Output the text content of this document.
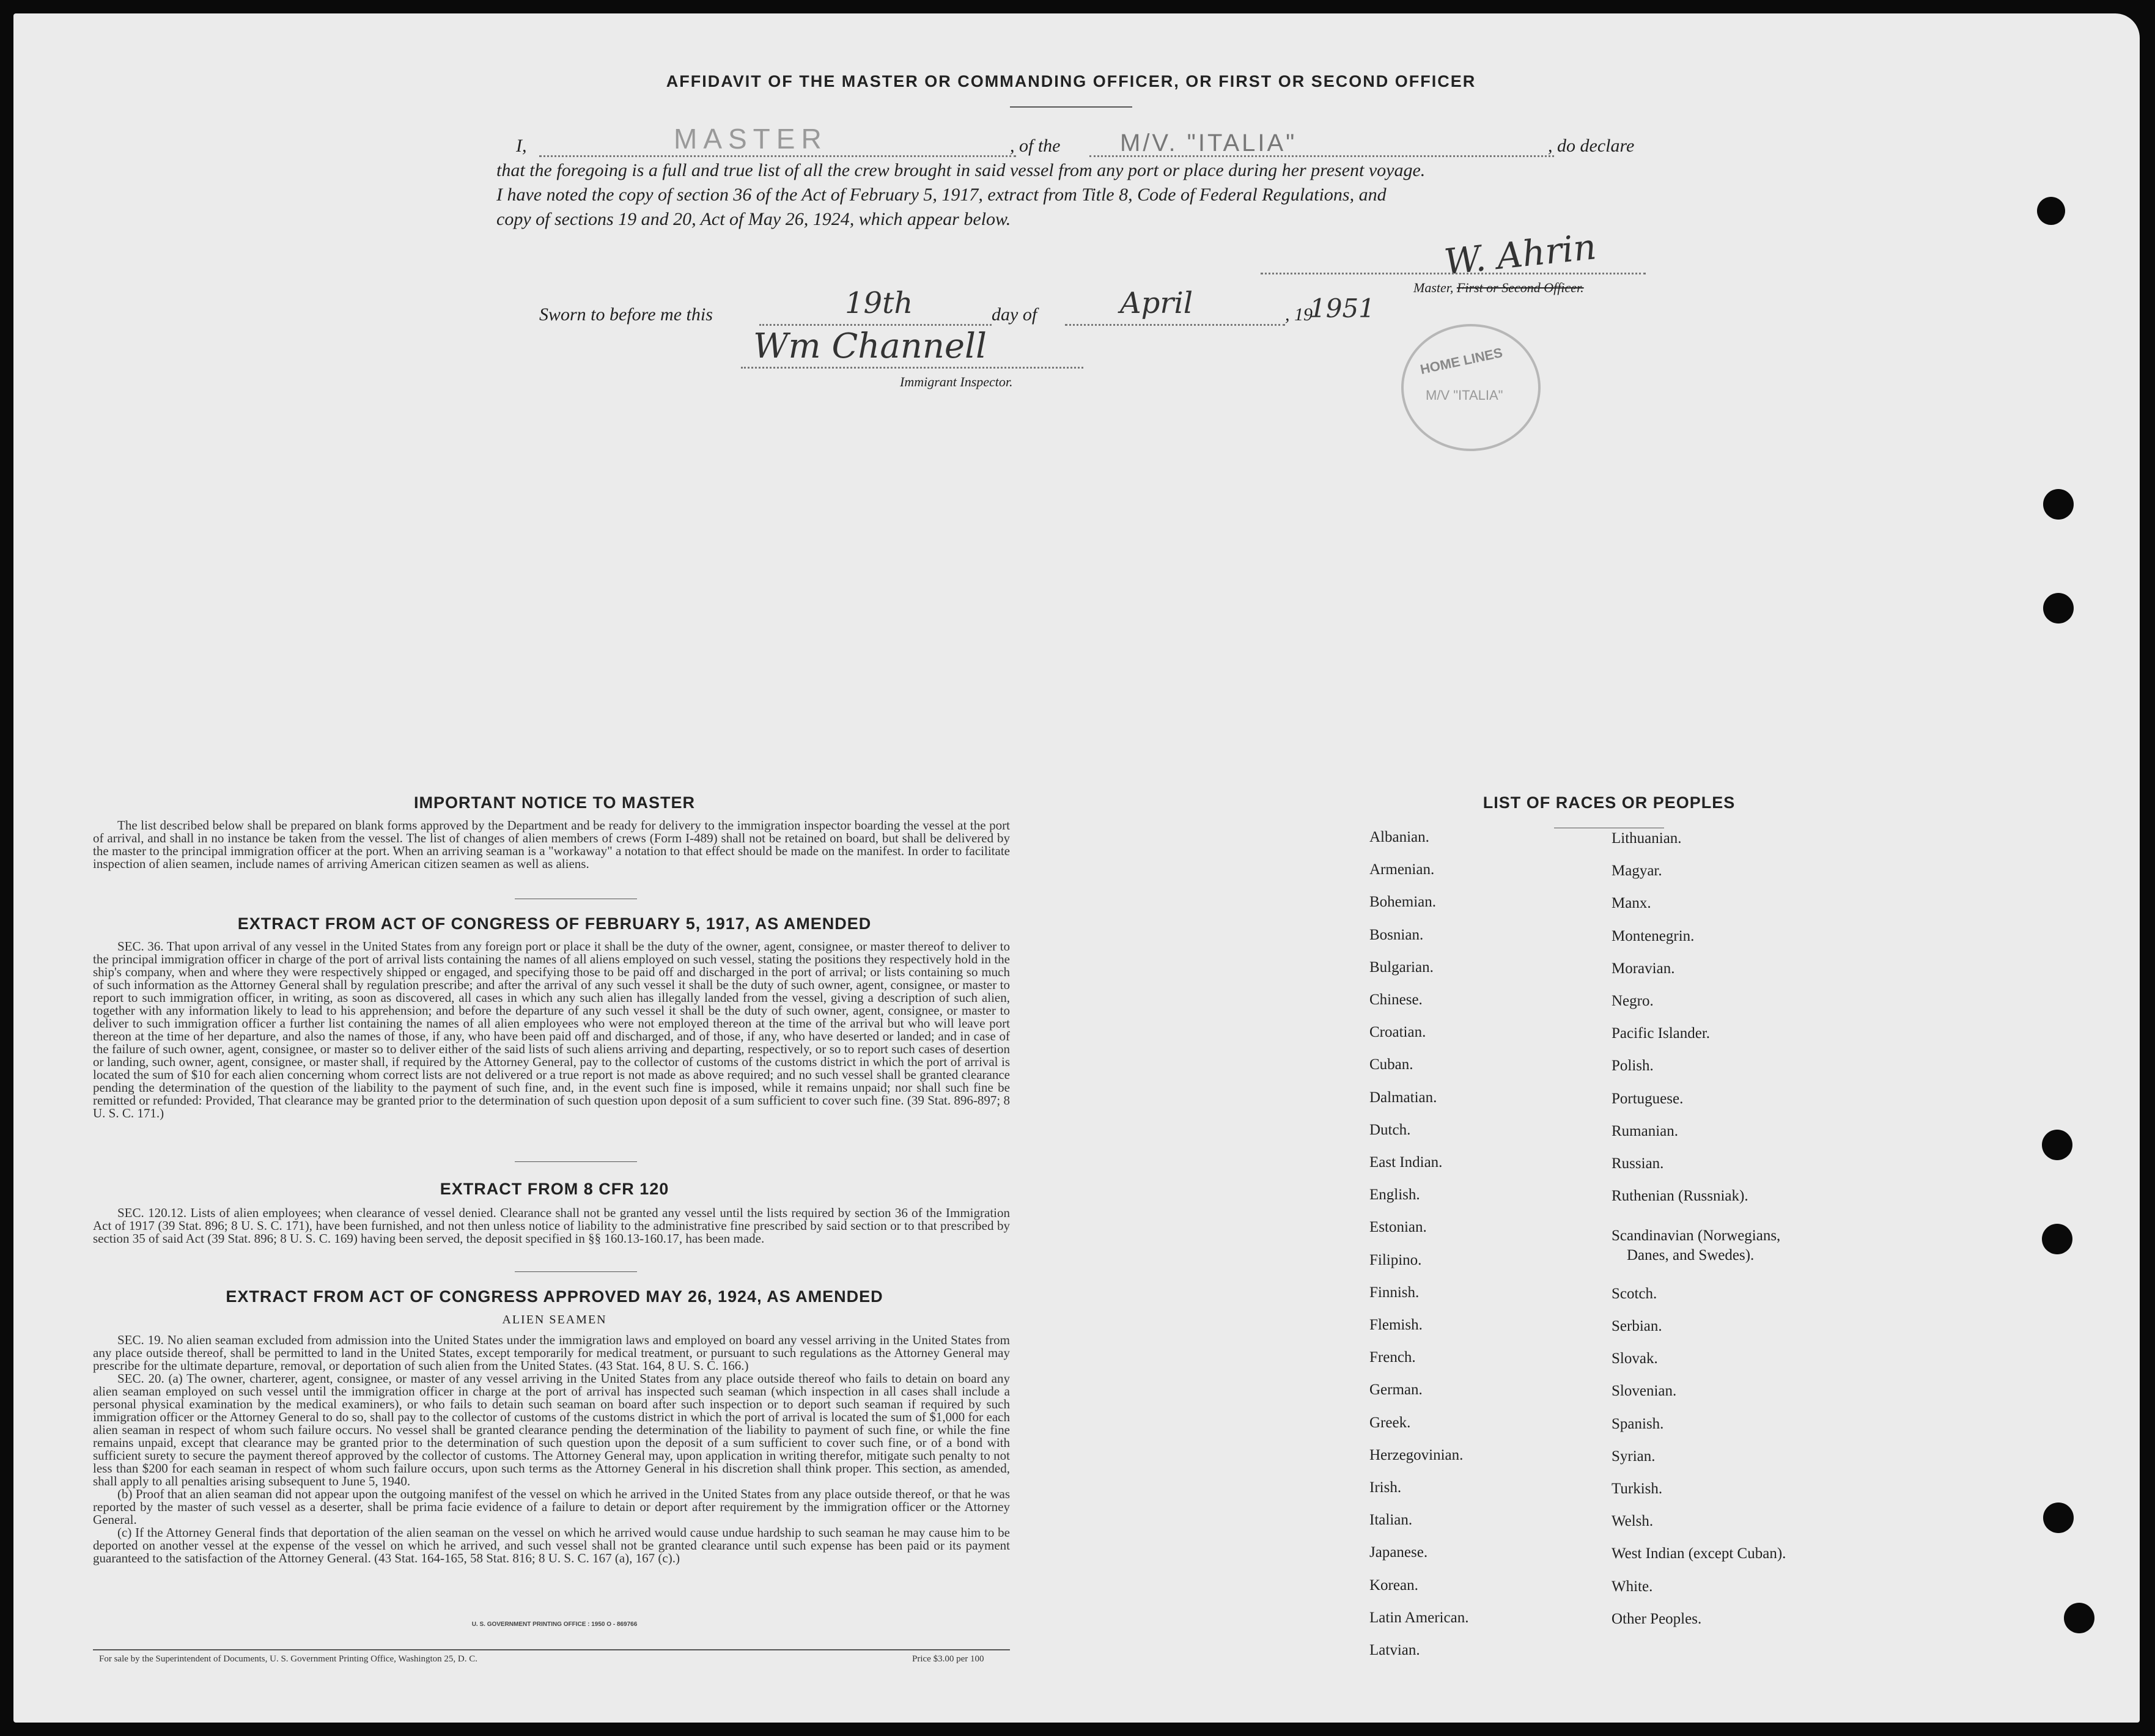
AFFIDAVIT OF THE MASTER OR COMMANDING OFFICER, OR FIRST OR SECOND OFFICER
I,	MASTER	, of the M/V. "ITALIA"	, do declare
that the foregoing is a full and true list of all the crew brought in said vessel from any port or place during her present voyage.
I have noted the copy of section 36 of the Act of February 5, 1917, extract from Title 8, Code of Federal Regulations, and
copy of sections 19 and 20, Act of May 26, 1924, which appear below.
W. Ahrin
Master, First or Second Officer.
Sworn to before me this	19th	day of	April	, 19
1951
Wm Channell
Immigrant Inspector.
HOME LINES
M/V "ITALIA"
IMPORTANT NOTICE TO MASTER

The list described below shall be prepared on blank forms approved by the Department and be ready for delivery to the immigration inspector boarding the vessel at the port of arrival, and shall in no instance be taken from the vessel. The list of changes of alien members of crews (Form I-489) shall not be retained on board, but shall be delivered by the master to the principal immigration officer at the port. When an arriving seaman is a "workaway" a notation to that effect should be made on the manifest. In order to facilitate inspection of alien seamen, include names of arriving American citizen seamen as well as aliens.

EXTRACT FROM ACT OF CONGRESS OF FEBRUARY 5, 1917, AS AMENDED

SEC. 36. That upon arrival of any vessel in the United States from any foreign port or place it shall be the duty of the owner, agent, consignee, or master thereof to deliver to the principal immigration officer in charge of the port of arrival lists containing the names of all aliens employed on such vessel, stating the positions they respectively hold in the ship's company, when and where they were respectively shipped or engaged, and specifying those to be paid off and discharged in the port of arrival; or lists containing so much of such information as the Attorney General shall by regulation prescribe; and after the arrival of any such vessel it shall be the duty of such owner, agent, consignee, or master to report to such immigration officer, in writing, as soon as discovered, all cases in which any such alien has illegally landed from the vessel, giving a description of such alien, together with any information likely to lead to his apprehension; and before the departure of any such vessel it shall be the duty of such owner, agent, consignee, or master to deliver to such immigration officer a further list containing the names of all alien employees who were not employed thereon at the time of the arrival but who will leave port thereon at the time of her departure, and also the names of those, if any, who have been paid off and discharged, and of those, if any, who have deserted or landed; and in case of the failure of such owner, agent, consignee, or master so to deliver either of the said lists of such aliens arriving and departing, respectively, or so to report such cases of desertion or landing, such owner, agent, consignee, or master shall, if required by the Attorney General, pay to the collector of customs of the customs district in which the port of arrival is located the sum of $10 for each alien concerning whom correct lists are not delivered or a true report is not made as above required; and no such vessel shall be granted clearance pending the determination of the question of the liability to the payment of such fine, and, in the event such fine is imposed, while it remains unpaid; nor shall such fine be remitted or refunded: Provided, That clearance may be granted prior to the determination of such question upon deposit of a sum sufficient to cover such fine. (39 Stat. 896-897; 8 U. S. C. 171.)

EXTRACT FROM 8 CFR 120

SEC. 120.12. Lists of alien employees; when clearance of vessel denied. Clearance shall not be granted any vessel until the lists required by section 36 of the Immigration Act of 1917 (39 Stat. 896; 8 U. S. C. 171), have been furnished, and not then unless notice of liability to the administrative fine prescribed by said section or to that prescribed by section 35 of said Act (39 Stat. 896; 8 U. S. C. 169) having been served, the deposit specified in §§ 160.13-160.17, has been made.

EXTRACT FROM ACT OF CONGRESS APPROVED MAY 26, 1924, AS AMENDED
ALIEN SEAMEN

SEC. 19. No alien seaman excluded from admission into the United States under the immigration laws and employed on board any vessel arriving in the United States from any place outside thereof, shall be permitted to land in the United States, except temporarily for medical treatment, or pursuant to such regulations as the Attorney General may prescribe for the ultimate departure, removal, or deportation of such alien from the United States. (43 Stat. 164, 8 U. S. C. 166.)

SEC. 20. (a) The owner, charterer, agent, consignee, or master of any vessel arriving in the United States from any place outside thereof who fails to detain on board any alien seaman employed on such vessel until the immigration officer in charge at the port of arrival has inspected such seaman (which inspection in all cases shall include a personal physical examination by the medical examiners), or who fails to detain such seaman on board after such inspection or to deport such seaman if required by such immigration officer or the Attorney General to do so, shall pay to the collector of customs of the customs district in which the port of arrival is located the sum of $1,000 for each alien seaman in respect of whom such failure occurs. No vessel shall be granted clearance pending the determination of the liability to payment of such fine, or while the fine remains unpaid, except that clearance may be granted prior to the determination of such question upon the deposit of a sum sufficient to cover such fine, or of a bond with sufficient surety to secure the payment thereof approved by the collector of customs. The Attorney General may, upon application in writing therefor, mitigate such penalty to not less than $200 for each seaman in respect of whom such failure occurs, upon such terms as the Attorney General in his discretion shall think proper. This section, as amended, shall apply to all penalties arising subsequent to June 5, 1940.

(b) Proof that an alien seaman did not appear upon the outgoing manifest of the vessel on which he arrived in the United States from any place outside thereof, or that he was reported by the master of such vessel as a deserter, shall be prima facie evidence of a failure to detain or deport after requirement by the immigration officer or the Attorney General.

(c) If the Attorney General finds that deportation of the alien seaman on the vessel on which he arrived would cause undue hardship to such seaman he may cause him to be deported on another vessel at the expense of the vessel on which he arrived, and such vessel shall not be granted clearance until such expense has been paid or its payment guaranteed to the satisfaction of the Attorney General. (43 Stat. 164-165, 58 Stat. 816; 8 U. S. C. 167 (a), 167 (c).)

U. S. GOVERNMENT PRINTING OFFICE : 1950 O - 869766
For sale by the Superintendent of Documents, U. S. Government Printing Office, Washington 25, D. C.	Price $3.00 per 100
LIST OF RACES OR PEOPLES
Albanian.
Armenian.
Bohemian.
Bosnian.
Bulgarian.
Chinese.
Croatian.
Cuban.
Dalmatian.
Dutch.
East Indian.
English.
Estonian.
Filipino.
Finnish.
Flemish.
French.
German.
Greek.
Herzegovinian.
Irish.
Italian.
Japanese.
Korean.
Latin American.
Latvian.
Lithuanian.
Magyar.
Manx.
Montenegrin.
Moravian.
Negro.
Pacific Islander.
Polish.
Portuguese.
Rumanian.
Russian.
Ruthenian (Russniak).
Scandinavian (Norwegians,
Danes, and Swedes).
Scotch.
Serbian.
Slovak.
Slovenian.
Spanish.
Syrian.
Turkish.
Welsh.
West Indian (except Cuban).
White.
Other Peoples.
